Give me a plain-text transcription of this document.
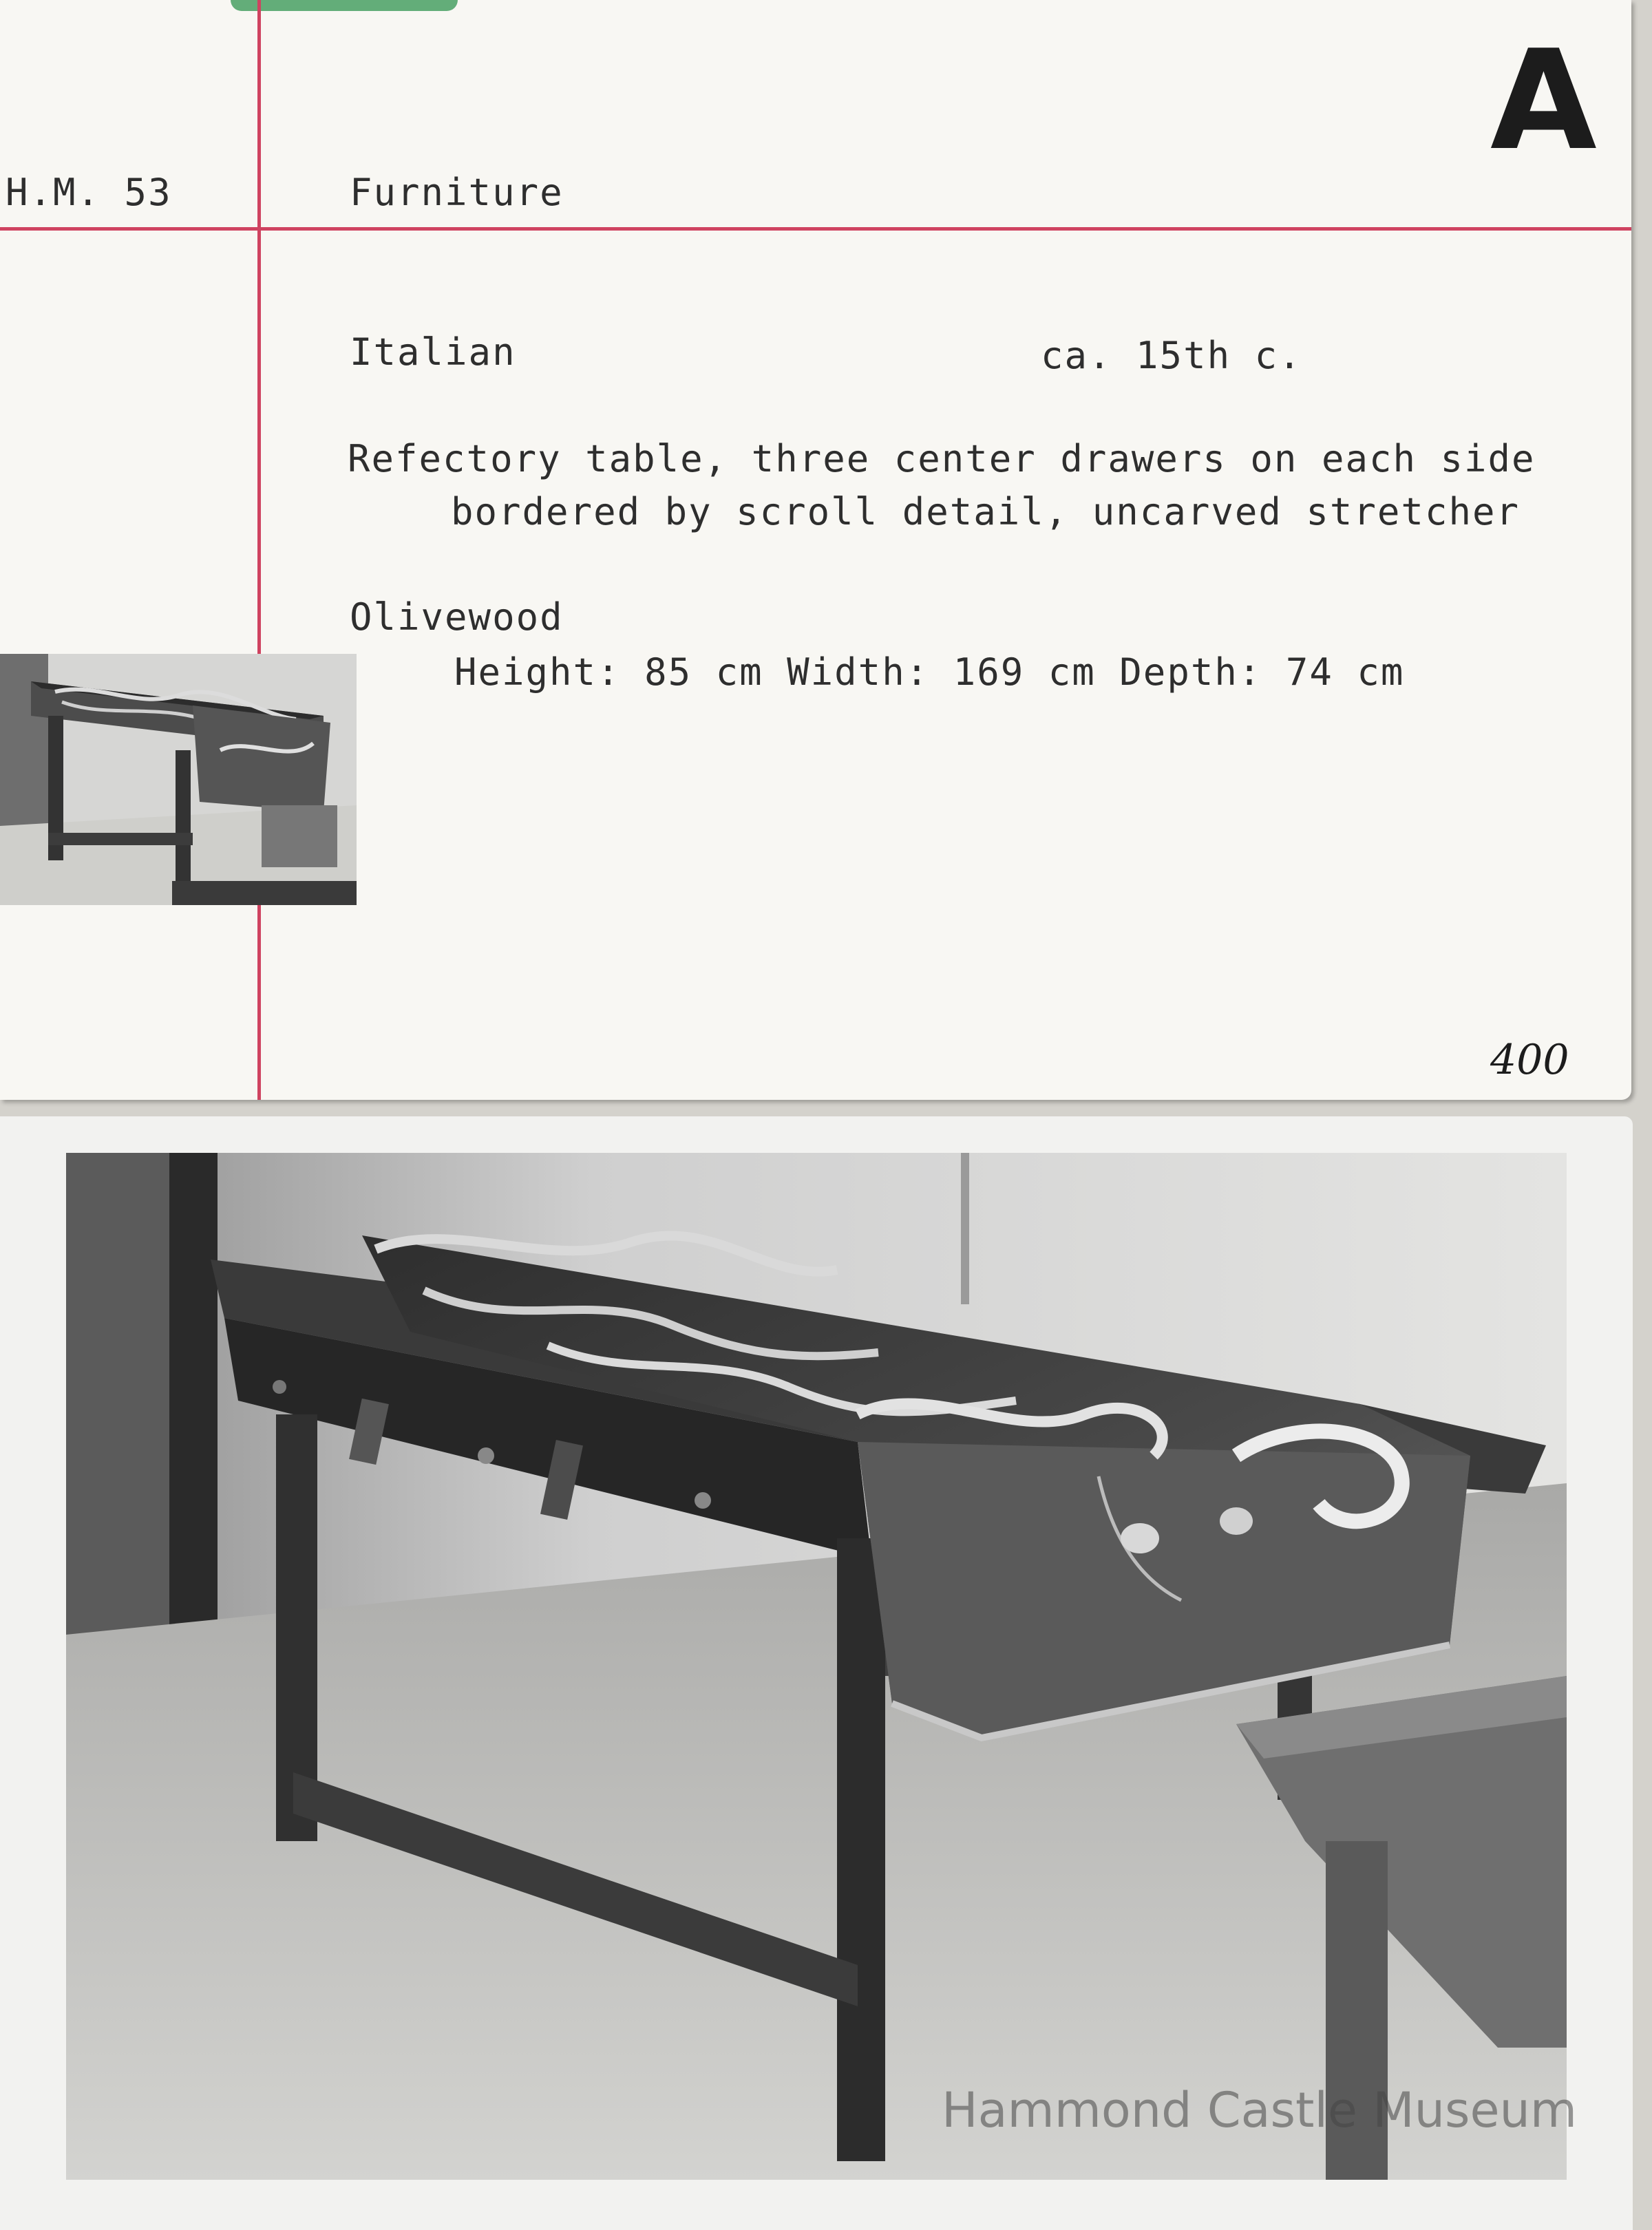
H.M. 53	Furniture
Italian	ca. 15th c.
Refectory table, three center drawers on each side
bordered by scroll detail, uncarved stretcher
Olivewood
Height: 85 cm Width: 169 cm Depth: 74 cm
A
400
Hammond Castle Museum
